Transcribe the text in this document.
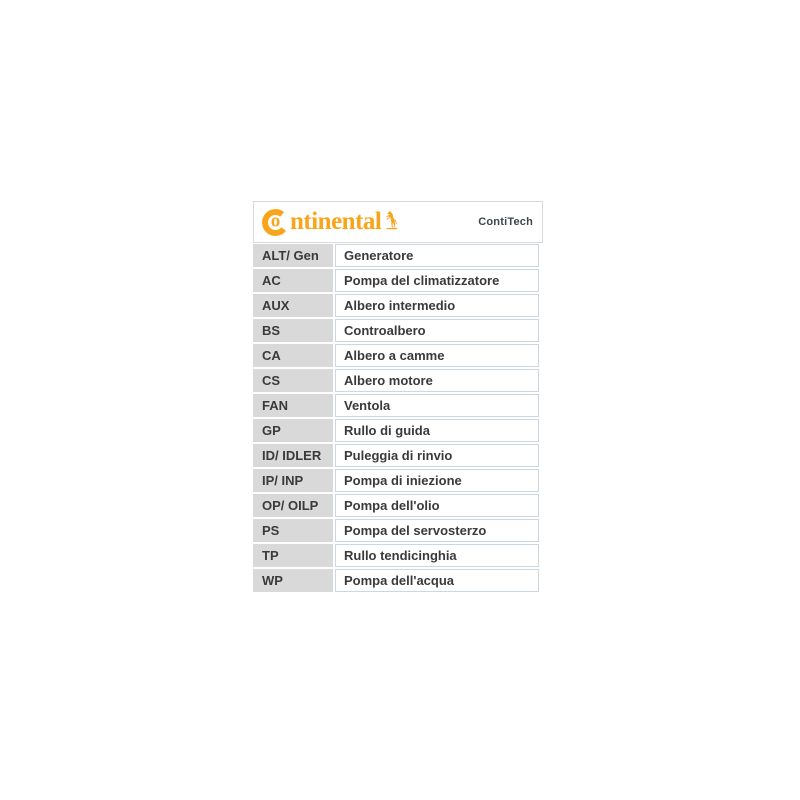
o ntinental	ContiTech
ALT/ Gen	Generatore
AC	Pompa del climatizzatore
AUX	Albero intermedio
BS	Controalbero
CA	Albero a camme
CS	Albero motore
FAN	Ventola
GP	Rullo di guida
ID/ IDLER	Puleggia di rinvio
IP/ INP	Pompa di iniezione
OP/ OILP	Pompa dell'olio
PS	Pompa del servosterzo
TP	Rullo tendicinghia
WP	Pompa dell'acqua
